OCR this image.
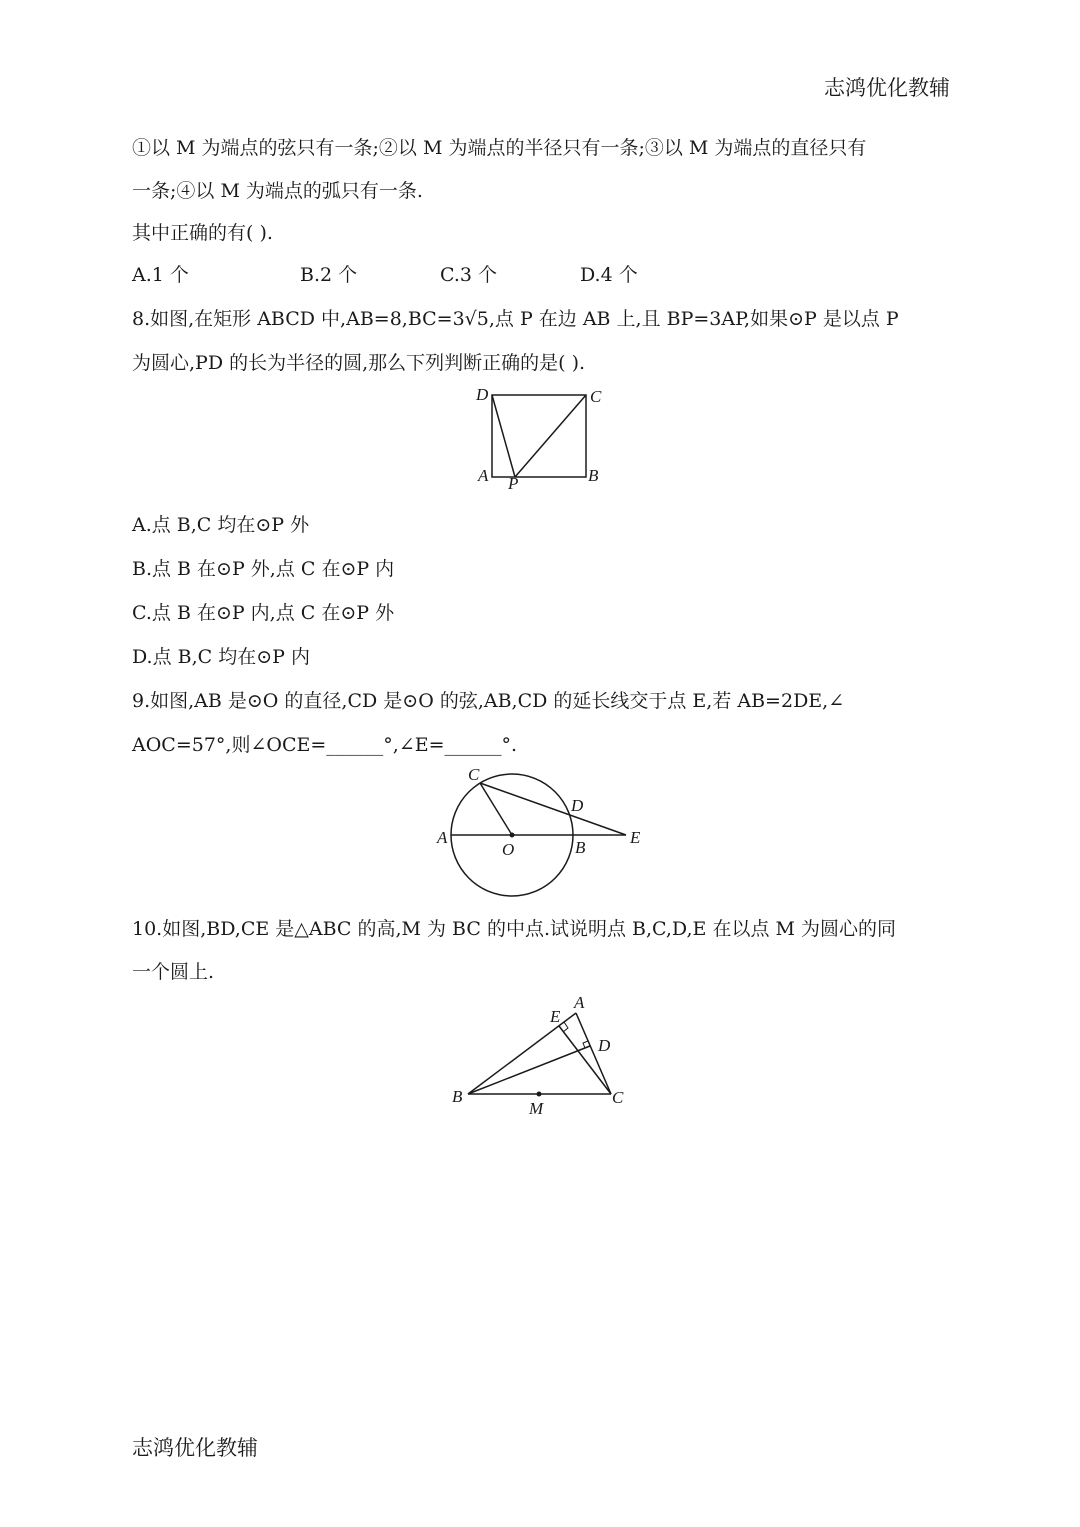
志鸿优化教辅
①以 M 为端点的弦只有一条;②以 M 为端点的半径只有一条;③以 M 为端点的直径只有
一条;④以 M 为端点的弧只有一条.
其中正确的有( ).
A.1 个	B.2 个	C.3 个	D.4 个
8.如图,在矩形 ABCD 中,AB=8,BC=3√5,点 P 在边 AB 上,且 BP=3AP,如果⊙P 是以点 P
为圆心,PD 的长为半径的圆,那么下列判断正确的是( ).
D	C
A	B
P
A.点 B,C 均在⊙P 外
B.点 B 在⊙P 外,点 C 在⊙P 内
C.点 B 在⊙P 内,点 C 在⊙P 外
D.点 B,C 均在⊙P 内
9.如图,AB 是⊙O 的直径,CD 是⊙O 的弦,AB,CD 的延长线交于点 E,若 AB=2DE,∠
AOC=57°,则∠OCE=______°,∠E=______°.
C
D
A
O	B
E
10.如图,BD,CE 是△ABC 的高,M 为 BC 的中点.试说明点 B,C,D,E 在以点 M 为圆心的同
一个圆上.
A
E
D
B	C
M
志鸿优化教辅
